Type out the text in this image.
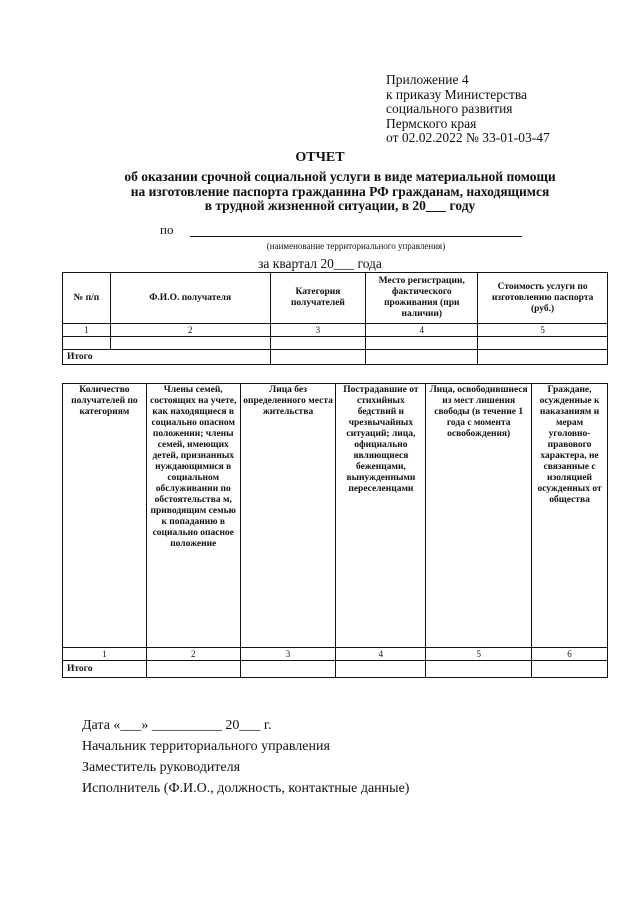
Приложение 4
к приказу Министерства
социального развития
Пермского края
от 02.02.2022 № 33-01-03-47
ОТЧЕТ
об оказании срочной социальной услуги в виде материальной помощи
на изготовление паспорта гражданина РФ гражданам, находящимся
в трудной жизненной ситуации, в 20___ году
по
(наименование территориального управления)
за квартал 20___ года
№ п/п	Ф.И.О. получателя	Категория получателей	Место регистрации, фактического проживания (при наличии)	Стоимость услуги по изготовлению паспорта (руб.)
1	2	3	4	5

Итого				
Количество получателей по категориям	Члены семей, состоящих на учете, как находящиеся в социально опасном положении; члены семей, имеющих детей, признанных нуждающимися в социальном обслуживании по обстоятельства м, приводящим семью к попаданию в социально опасное положение	Лица без определенного места жительства	Пострадавшие от стихийных бедствий и чрезвычайных ситуаций; лица, официально являющиеся беженцами, вынужденными переселенцами	Лица, освободившиеся из мест лишения свободы (в течение 1 года с момента освобождения)	Граждане, осужденные к наказаниям и мерам уголовно-правового характера, не связанные с изоляцией осужденных от общества
1	2	3	4	5	6
Итого					
Дата «___» __________ 20___ г.
Начальник территориального управления
Заместитель руководителя
Исполнитель (Ф.И.О., должность, контактные данные)
